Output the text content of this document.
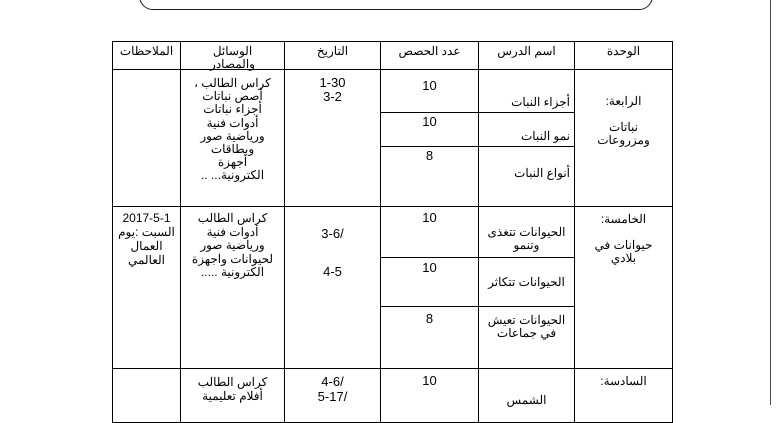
الوحدة
اسم الدرس
عدد الحصص
التاريخ
الوسائل
والمصادر
الملاحظات
الرابعة:

نباتات
ومزروعات
أجزاء النبات
10
نمو النبات
10
أنواع النبات
8
1-30
3-2
كراس الطالب ،
أصص نباتات
أجزاء نباتات
أدوات فنية
ورياضية صور
وبطاقات
أجهزة
الكترونية... ..
الخامسة:

حيوانات في
بلادي
الحيوانات تتغذى
وتنمو
10
الحيوانات تتكاثر
10
الحيوانات تعيش
في جماعات
8
3-6/
4-5
كراس الطالب
أدوات فنية
ورياضية صور
لحيوانات واجهزة
الكترونية .....
2017-5-1
السبت :يوم
العمال العالمي
السادسة:
الشمس
10
4-6/
5-17/
كراس الطالب
أفلام تعليمية
